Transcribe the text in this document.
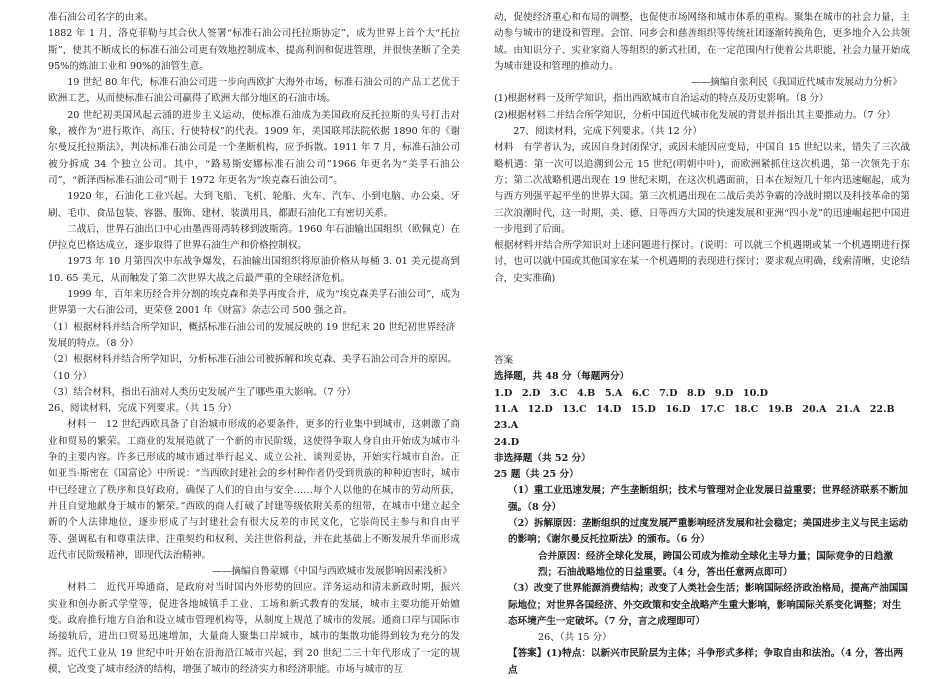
准石油公司名字的由来。

1882 年 1 月，洛克菲勒与其合伙人签署“标准石油公司托拉斯协定”，成为世界上首个大“托拉斯”，使其不断成长的标准石油公司更有效地控制成本、提高利润和促进管理，并很快垄断了全美95%的炼油工业和 90%的油管生意。

19 世纪 80 年代，标准石油公司进一步向西欧扩大海外市场，标准石油公司的产品工艺优于欧洲工艺，从而使标准石油公司赢得了欧洲大部分地区的石油市场。

20 世纪初美国风起云涌的进步主义运动，使标准石油成为美国政府反托拉斯的头号打击对象，被作为“进行欺诈、高压、行使特权”的代表。1909 年，美国联邦法院依据 1890 年的《谢尔曼反托拉斯法》，判决标准石油公司是一个垄断机构，应予拆散。1911 年 7 月，标准石油公司被分拆成 34 个独立公司。其中，“路易斯安娜标准石油公司”1966 年更名为“美孚石油公司”，“新泽西标准石油公司”则于 1972 年更名为“埃克森石油公司”。

1920 年，石油化工业兴起。大到飞船、飞机、轮船、火车、汽车、小到电脑、办公桌、牙刷、毛巾、食品包装、容器、服饰、建材、装潢用具，都跟石油化工有密切关系。

二战后，世界石油出口中心由墨西哥湾转移到波斯湾。1960 年石油输出国组织（欧佩克）在伊拉克巴格达成立，逐步取得了世界石油生产和价格控制权。

1973 年 10 月第四次中东战争爆发，石油输出国组织将原油价格从每桶 3. 01 美元提高到 10. 65 美元，从而触发了第二次世界大战之后最严重的全球经济危机。

1999 年，百年来历经合并分割的埃克森和美孚再度合并，成为“埃克森美孚石油公司”，成为世界第一大石油公司，更荣登 2001 年《财富》杂志公司 500 强之首。

（1）根据材料并结合所学知识，概括标准石油公司的发展反映的 19 世纪末 20 世纪初世界经济发展的特点。（8 分）

（2）根据材料并结合所学知识，分析标准石油公司被拆解和埃克森、美孚石油公司合并的原因。（10 分）

（3）结合材料，指出石油对人类历史发展产生了哪些重大影响。（7 分）

26、阅读材料，完成下列要求。（共 15 分）

材料一　12 世纪西欧具备了自治城市形成的必要条件，更多的行业集中到城市，这刺激了商业和贸易的繁荣。工商业的发展造就了一个新的市民阶级，这使得争取人身自由开始成为城市斗争的主要内容。许多已形成的城市通过举行起义、成立公社、谈判妥协，开始实行城市自治。正如亚当·斯密在《国富论》中所说：“当西欧封建社会的乡村种作者仍受到贵族的种种迫害时，城市中已经建立了秩序和良好政府，确保了人们的自由与安全……每个人以他的在城市的劳动所获，并且自觉地献身于城市的繁荣。”西欧的商人打破了封建等级依附关系的纽带，在城市中建立起全新的个人法律地位，逐步形成了与封建社会有很大反差的市民文化，它崇尚民主参与和自由平等、强调私有和尊重法律、注重契约和权利、关注世俗利益，并在此基础上不断发展升华而形成近代市民阶级精神，即现代法治精神。

——摘编自鲁蒙娜《中国与西欧城市发展影响因素浅析》

材料二　近代开埠通商，是政府对当时国内外形势的回应。洋务运动和清末新政时期，振兴实业和创办新式学堂等，促进各地城镇手工业、工场和新式教育的发展，城市主要功能开始嬗变。政府推行地方自治和设立城市管理机构等，从制度上规范了城市的发展。通商口岸与国际市场接轨后，进出口贸易迅速增加，大量商人聚集口岸城市，城市的集散功能得到较为充分的发挥。近代工业从 19 世纪中叶开始在沿海沿江城市兴起，到 20 世纪二三十年代形成了一定的规模，它改变了城市经济的结构，增强了城市的经济实力和经济职能。市场与城市的互

动，促使经济重心和布局的调整，也促使市场网络和城市体系的重构。聚集在城市的社会力量，主动参与城市的建设和管理。会馆、同乡会和慈善组织等传统社团逐渐转换角色，更多地介入公共领域。由知识分子、实业家商人等组织的新式社团，在一定范围内行使着公共职能，社会力量开始成为城市建设和管理的推动力。

——摘编自张利民《我国近代城市发展动力分析》

(1)根据材料一及所学知识，指出西欧城市自治运动的特点及历史影响。（8 分）

(2)根据材料二并结合所学知识，分析中国近代城市化发展的背景并指出其主要推动力。（7 分）

27、阅读材料，完成下列要求。（共 12 分）

材料　有学者认为，或因自身封闭保守，或因未能因应变局，中国自 15 世纪以来，错失了三次战略机遇：第一次可以追溯到公元 15 世纪(明朝中叶)，而欧洲紧抓住这次机遇，第一次领先于东方；第二次战略机遇出现在 19 世纪末期，在这次机遇面前，日本在短短几十年内迅速崛起，成为与西方列强平起平坐的世界大国。第三次机遇出现在二战后美苏争霸的冷战时期以及科技革命的第三次浪潮时代，这一时期，美、德、日等西方大国的快速发展和亚洲“四小龙”的迅速崛起把中国进一步甩到了后面。

根据材料并结合所学知识对上述问题进行探讨。(说明：可以就三个机遇期或某一个机遇期进行探讨，也可以就中国或其他国家在某一个机遇期的表现进行探讨；要求观点明确，线索清晰，史论结合，史实准确)

答案

选择题，共 48 分（每题两分）

1.D　2.D　3.C　4.B　5.A　6.C　7.D　8.D　9.D　10.D

11.A　12.D　13.C　14.D　15.D　16.D　17.C　18.C　19.B　20.A　21.A　22.B　23.A

24.D

非选择题（共 52 分）

25 题（共 25 分）

（1）重工业迅速发展；产生垄断组织；技术与管理对企业发展日益重要；世界经济联系不断加强。（8 分）

（2）拆解原因：垄断组织的过度发展严重影响经济发展和社会稳定；美国进步主义与民主运动的影响；《谢尔曼反托拉斯法》的颁布。（6 分）

合并原因：经济全球化发展，跨国公司成为推动全球化主导力量；国际竞争的日趋激烈；石油战略地位的日益重要。（4 分，答出任意两点即可）

（3）改变了世界能源消费结构；改变了人类社会生活；影响国际经济政治格局，提高产油国国际地位；对世界各国经济、外交政策和安全战略产生重大影响，影响国际关系变化调整；对生态环境产生一定破坏。（7 分，言之成理即可）

26、（共 15 分）

【答案】(1)特点：以新兴市民阶层为主体；斗争形式多样；争取自由和法治。（4 分，答出两点
